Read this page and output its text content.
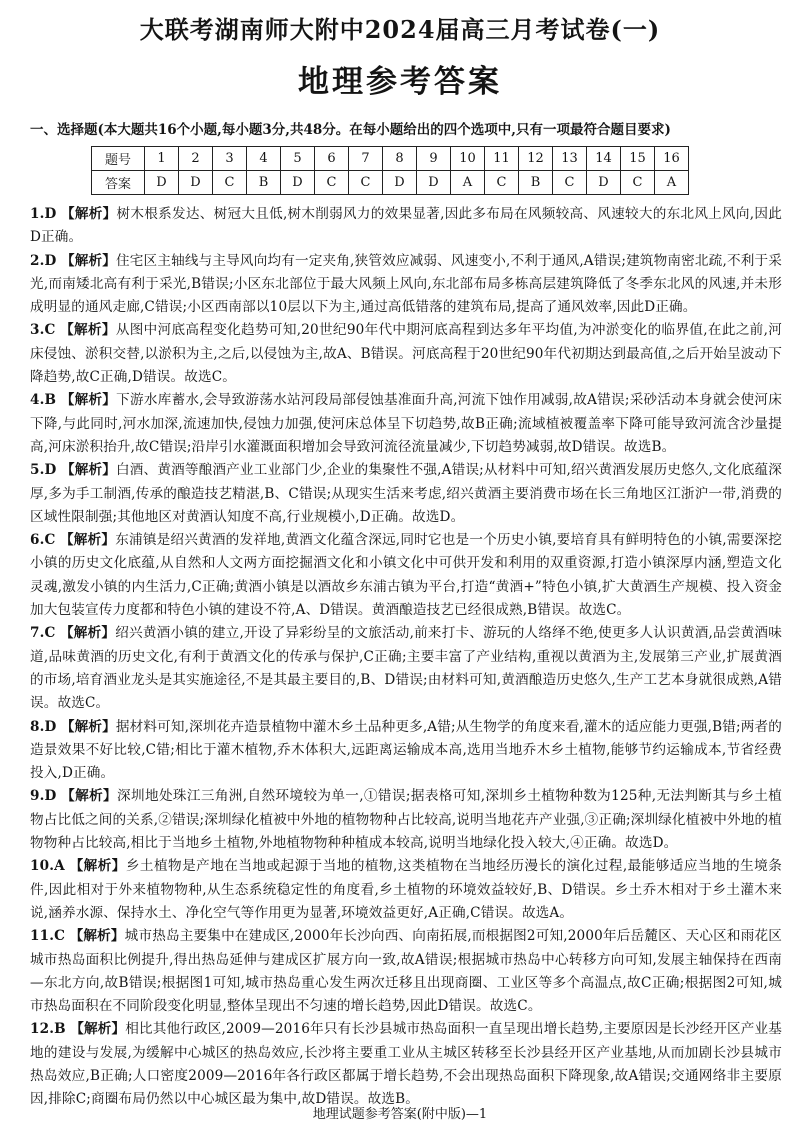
大联考湖南师大附中2024届高三月考试卷(一)
地理参考答案
一、选择题(本大题共16个小题,每小题3分,共48分。在每小题给出的四个选项中,只有一项最符合题目要求)
题号	1	2	3	4	5	6	7	8	9	10	11	12	13	14	15	16
答案	D	D	C	B	D	C	C	D	D	A	C	B	C	D	C	A

1.D 【解析】树木根系发达、树冠大且低,树木削弱风力的效果显著,因此多布局在风频较高、风速较大的东北风上风向,因此D正确。

2.D 【解析】住宅区主轴线与主导风向均有一定夹角,狭管效应减弱、风速变小,不利于通风,A错误;建筑物南密北疏,不利于采光,而南矮北高有利于采光,B错误;小区东北部位于最大风频上风向,东北部布局多栋高层建筑降低了冬季东北风的风速,并未形成明显的通风走廊,C错误;小区西南部以10层以下为主,通过高低错落的建筑布局,提高了通风效率,因此D正确。

3.C 【解析】从图中河底高程变化趋势可知,20世纪90年代中期河底高程到达多年平均值,为冲淤变化的临界值,在此之前,河床侵蚀、淤积交替,以淤积为主,之后,以侵蚀为主,故A、B错误。河底高程于20世纪90年代初期达到最高值,之后开始呈波动下降趋势,故C正确,D错误。故选C。

4.B 【解析】下游水库蓄水,会导致游荡水站河段局部侵蚀基准面升高,河流下蚀作用减弱,故A错误;采砂活动本身就会使河床下降,与此同时,河水加深,流速加快,侵蚀力加强,使河床总体呈下切趋势,故B正确;流域植被覆盖率下降可能导致河流含沙量提高,河床淤积抬升,故C错误;沿岸引水灌溉面积增加会导致河流径流量减少,下切趋势减弱,故D错误。故选B。

5.D 【解析】白酒、黄酒等酿酒产业工业部门少,企业的集聚性不强,A错误;从材料中可知,绍兴黄酒发展历史悠久,文化底蕴深厚,多为手工制酒,传承的酿造技艺精湛,B、C错误;从现实生活来考虑,绍兴黄酒主要消费市场在长三角地区江浙沪一带,消费的区域性限制强;其他地区对黄酒认知度不高,行业规模小,D正确。故选D。

6.C 【解析】东浦镇是绍兴黄酒的发祥地,黄酒文化蕴含深远,同时它也是一个历史小镇,要培育具有鲜明特色的小镇,需要深挖小镇的历史文化底蕴,从自然和人文两方面挖掘酒文化和小镇文化中可供开发和利用的双重资源,打造小镇深厚内涵,塑造文化灵魂,激发小镇的内生活力,C正确;黄酒小镇是以酒故乡东浦古镇为平台,打造“黄酒+”特色小镇,扩大黄酒生产规模、投入资金加大包装宣传力度都和特色小镇的建设不符,A、D错误。黄酒酿造技艺已经很成熟,B错误。故选C。

7.C 【解析】绍兴黄酒小镇的建立,开设了异彩纷呈的文旅活动,前来打卡、游玩的人络绎不绝,使更多人认识黄酒,品尝黄酒味道,品味黄酒的历史文化,有利于黄酒文化的传承与保护,C正确;主要丰富了产业结构,重视以黄酒为主,发展第三产业,扩展黄酒的市场,培育酒业龙头是其实施途径,不是其最主要目的,B、D错误;由材料可知,黄酒酿造历史悠久,生产工艺本身就很成熟,A错误。故选C。

8.D 【解析】据材料可知,深圳花卉造景植物中灌木乡土品种更多,A错;从生物学的角度来看,灌木的适应能力更强,B错;两者的造景效果不好比较,C错;相比于灌木植物,乔木体积大,远距离运输成本高,选用当地乔木乡土植物,能够节约运输成本,节省经费投入,D正确。

9.D 【解析】深圳地处珠江三角洲,自然环境较为单一,①错误;据表格可知,深圳乡土植物种数为125种,无法判断其与乡土植物占比低之间的关系,②错误;深圳绿化植被中外地的植物物种占比较高,说明当地花卉产业强,③正确;深圳绿化植被中外地的植物物种占比较高,相比于当地乡土植物,外地植物物种种植成本较高,说明当地绿化投入较大,④正确。故选D。

10.A 【解析】乡土植物是产地在当地或起源于当地的植物,这类植物在当地经历漫长的演化过程,最能够适应当地的生境条件,因此相对于外来植物物种,从生态系统稳定性的角度看,乡土植物的环境效益较好,B、D错误。乡土乔木相对于乡土灌木来说,涵养水源、保持水土、净化空气等作用更为显著,环境效益更好,A正确,C错误。故选A。

11.C 【解析】城市热岛主要集中在建成区,2000年长沙向西、向南拓展,而根据图2可知,2000年后岳麓区、天心区和雨花区城市热岛面积比例提升,得出热岛延伸与建成区扩展方向一致,故A错误;根据城市热岛中心转移方向可知,发展主轴保持在西南—东北方向,故B错误;根据图1可知,城市热岛重心发生两次迁移且出现商圈、工业区等多个高温点,故C正确;根据图2可知,城市热岛面积在不同阶段变化明显,整体呈现出不匀速的增长趋势,因此D错误。故选C。

12.B 【解析】相比其他行政区,2009—2016年只有长沙县城市热岛面积一直呈现出增长趋势,主要原因是长沙经开区产业基地的建设与发展,为缓解中心城区的热岛效应,长沙将主要重工业从主城区转移至长沙县经开区产业基地,从而加剧长沙县城市热岛效应,B正确;人口密度2009—2016年各行政区都属于增长趋势,不会出现热岛面积下降现象,故A错误;交通网络非主要原因,排除C;商圈布局仍然以中心城区最为集中,故D错误。故选B。

地理试题参考答案(附中版)—1
